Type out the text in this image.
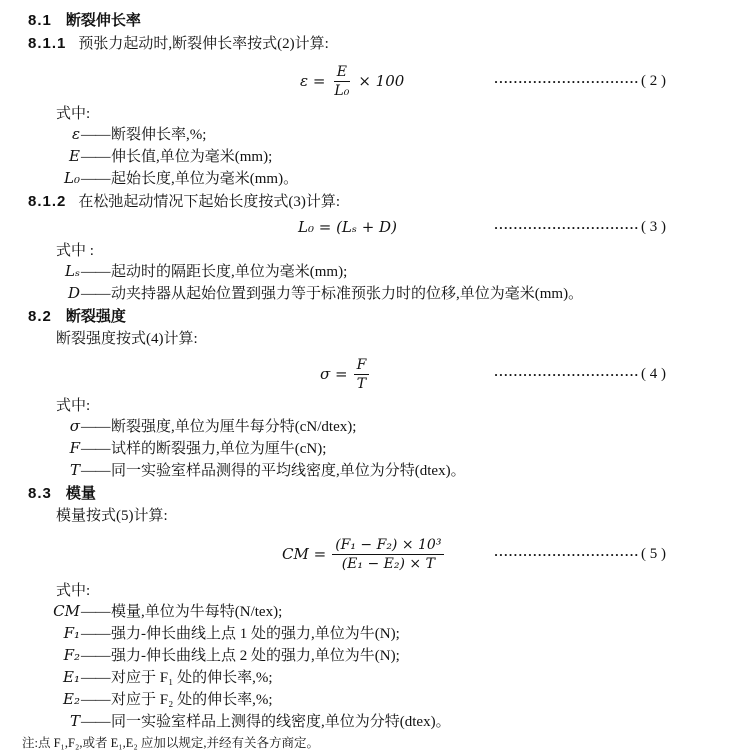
8.1 断裂伸长率
8.1.1 预张力起动时,断裂伸长率按式(2)计算:
$\varepsilon = \frac{E}{\text{L₀}} \times 100$	······························ ( 2 )
式中:
ε —— 断裂伸长率,%;
E —— 伸长值,单位为毫米(mm);
L₀ —— 起始长度,单位为毫米(mm)。
8.1.2 在松弛起动情况下起始长度按式(3)计算:
L₀ = (Lₛ + D)	······························ ( 3 )
式中 :
Lₛ —— 起动时的隔距长度,单位为毫米(mm);
D —— 动夹持器从起始位置到强力等于标准预张力时的位移,单位为毫米(mm)。
8.2 断裂强度
断裂强度按式(4)计算:
$\sigma = \frac{F}{T}$	······························ ( 4 )
式中:
σ —— 断裂强度,单位为厘牛每分特(cN/dtex);
F —— 试样的断裂强力,单位为厘牛(cN);
T —— 同一实验室样品测得的平均线密度,单位为分特(dtex)。
8.3 模量
模量按式(5)计算:
CM = $\frac{\text{(F₁ − F₂) × 10³}}{\text{(E₁ − E₂) × T}}$	······························ ( 5 )
式中:
CM —— 模量,单位为牛每特(N/tex);
F₁ —— 强力-伸长曲线上点 1 处的强力,单位为牛(N);
F₂ —— 强力-伸长曲线上点 2 处的强力,单位为牛(N);
E₁ —— 对应于 F₁ 处的伸长率,%;
E₂ —— 对应于 F₂ 处的伸长率,%;
T —— 同一实验室样品上测得的线密度,单位为分特(dtex)。
注:点 F₁,F₂,或者 E₁,E₂ 应加以规定,并经有关各方商定。
